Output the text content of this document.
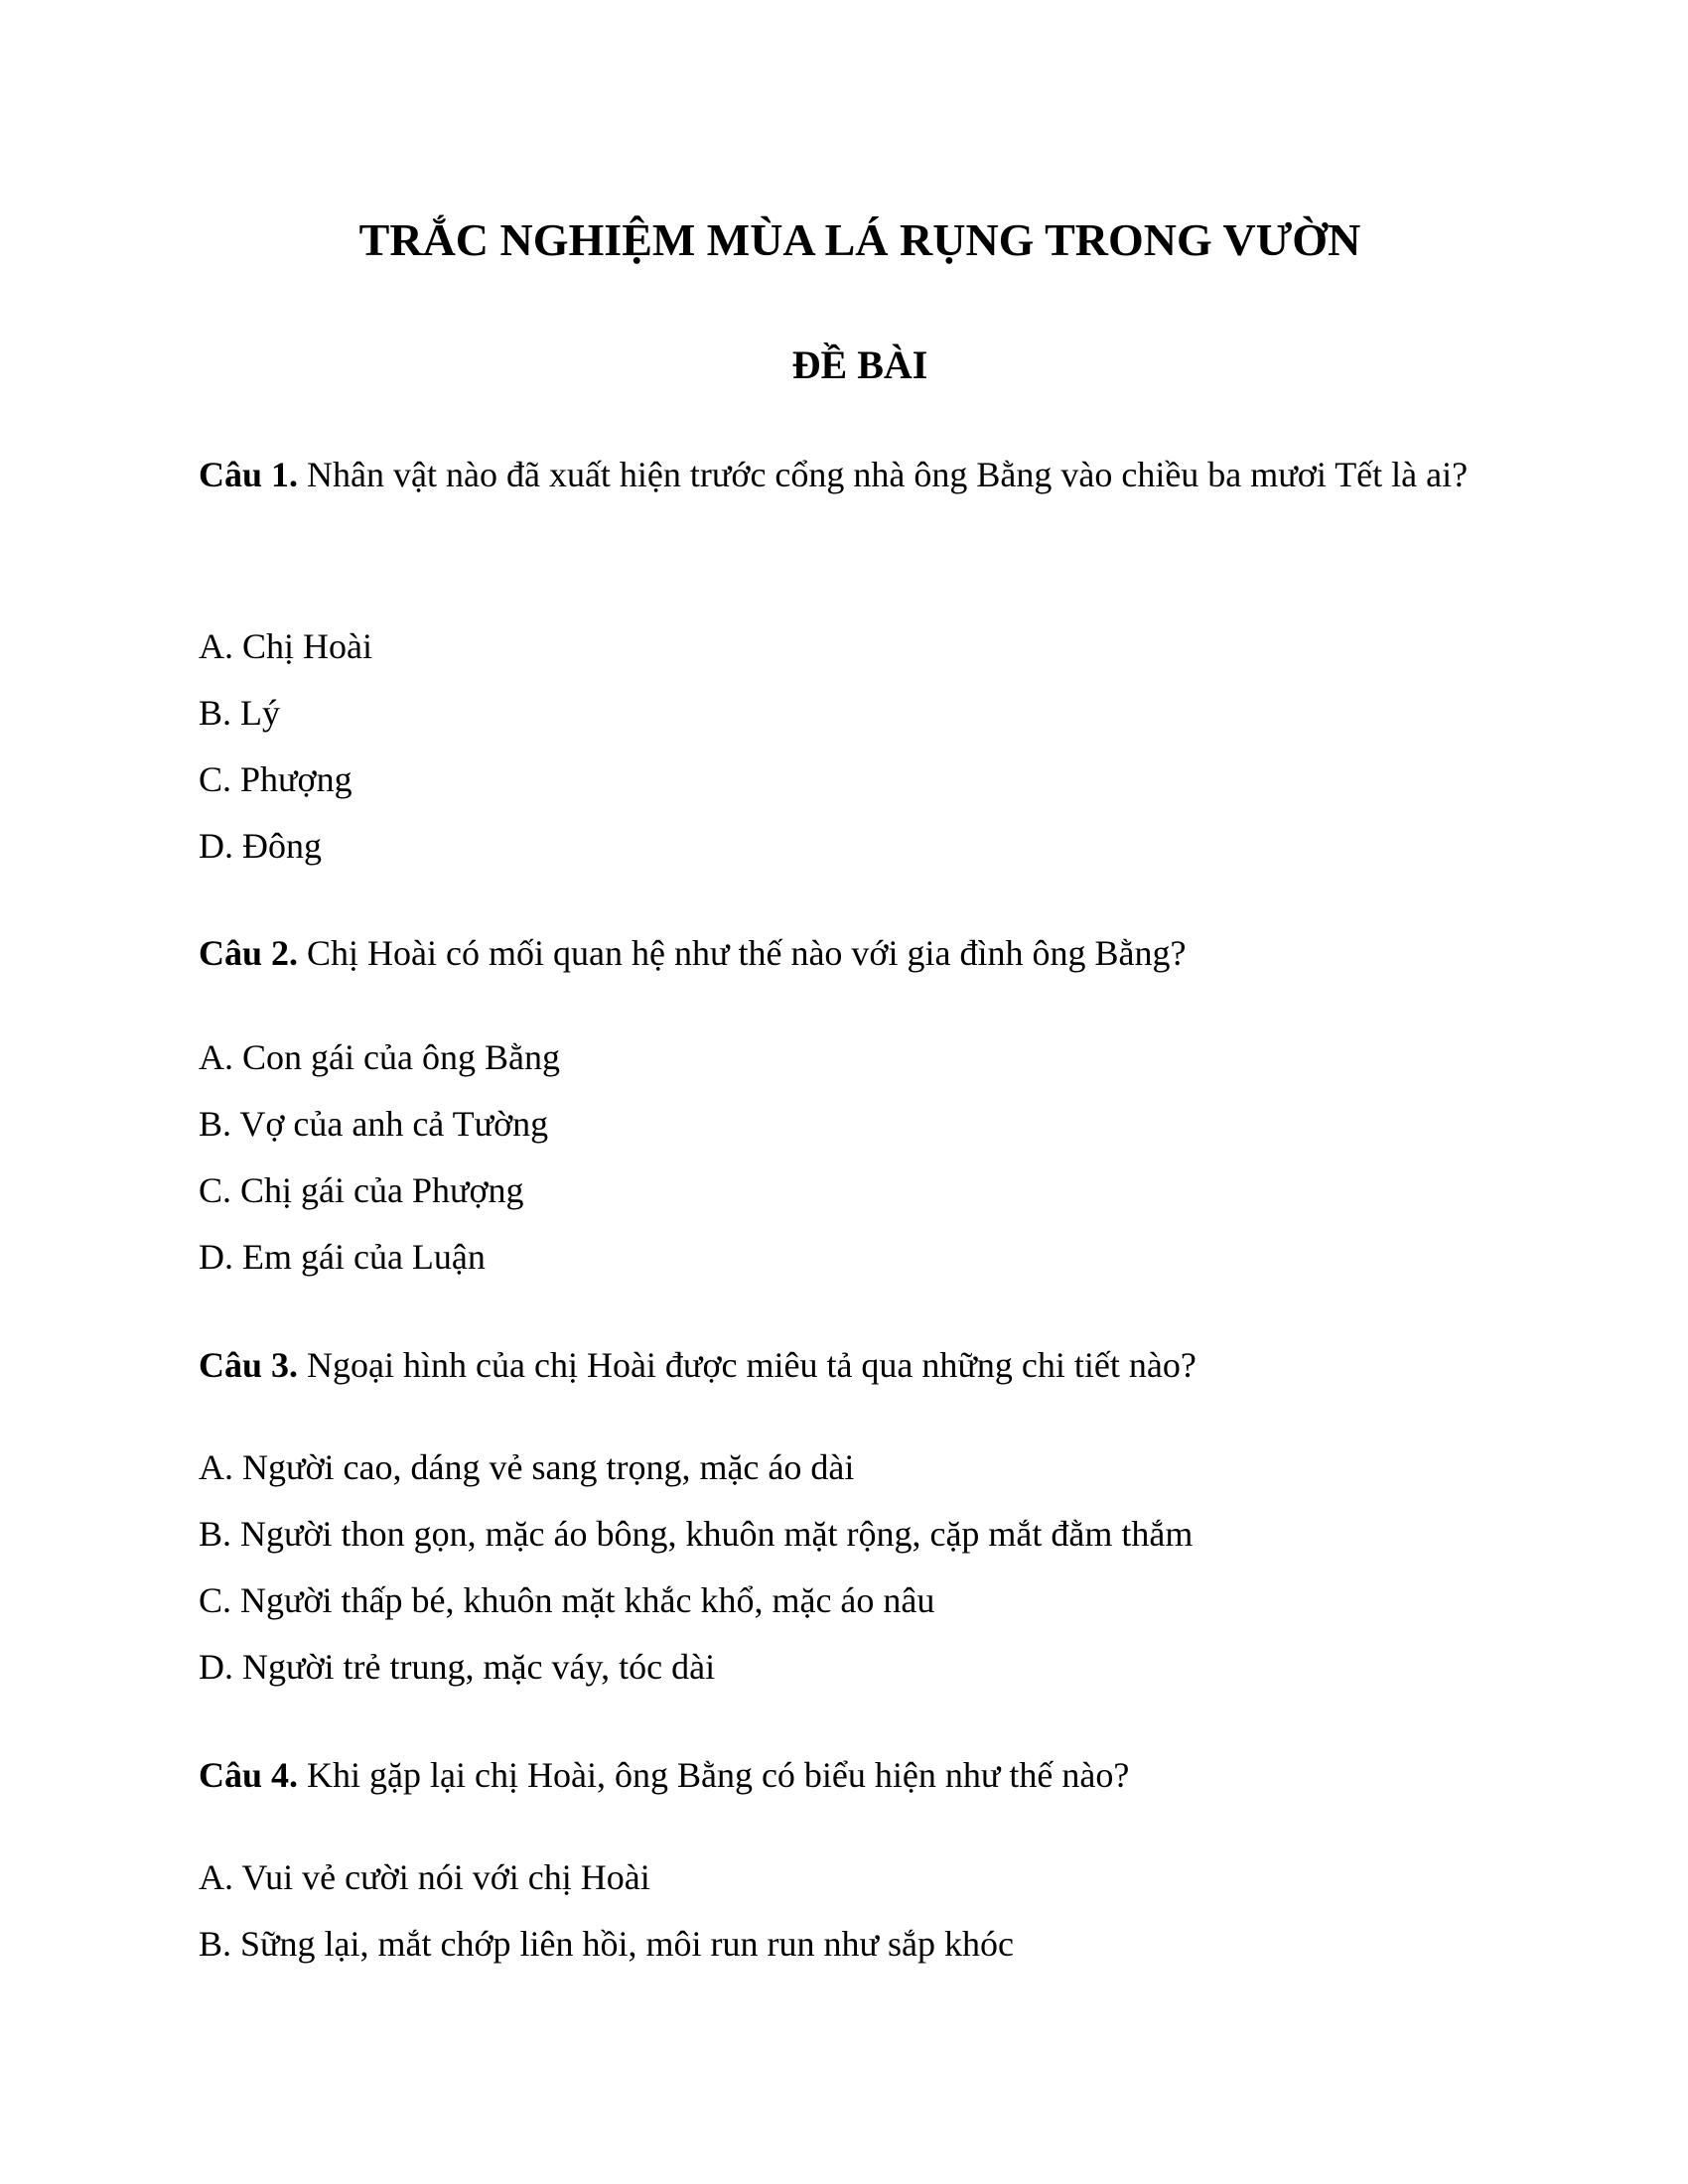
TRẮC NGHIỆM MÙA LÁ RỤNG TRONG VƯỜN
ĐỀ BÀI

Câu 1. Nhân vật nào đã xuất hiện trước cổng nhà ông Bằng vào chiều ba mươi Tết là ai?

A. Chị Hoài
B. Lý
C. Phượng
D. Đông

Câu 2. Chị Hoài có mối quan hệ như thế nào với gia đình ông Bằng?

A. Con gái của ông Bằng
B. Vợ của anh cả Tường
C. Chị gái của Phượng
D. Em gái của Luận

Câu 3. Ngoại hình của chị Hoài được miêu tả qua những chi tiết nào?

A. Người cao, dáng vẻ sang trọng, mặc áo dài
B. Người thon gọn, mặc áo bông, khuôn mặt rộng, cặp mắt đằm thắm
C. Người thấp bé, khuôn mặt khắc khổ, mặc áo nâu
D. Người trẻ trung, mặc váy, tóc dài

Câu 4. Khi gặp lại chị Hoài, ông Bằng có biểu hiện như thế nào?

A. Vui vẻ cười nói với chị Hoài
B. Sững lại, mắt chớp liên hồi, môi run run như sắp khóc
